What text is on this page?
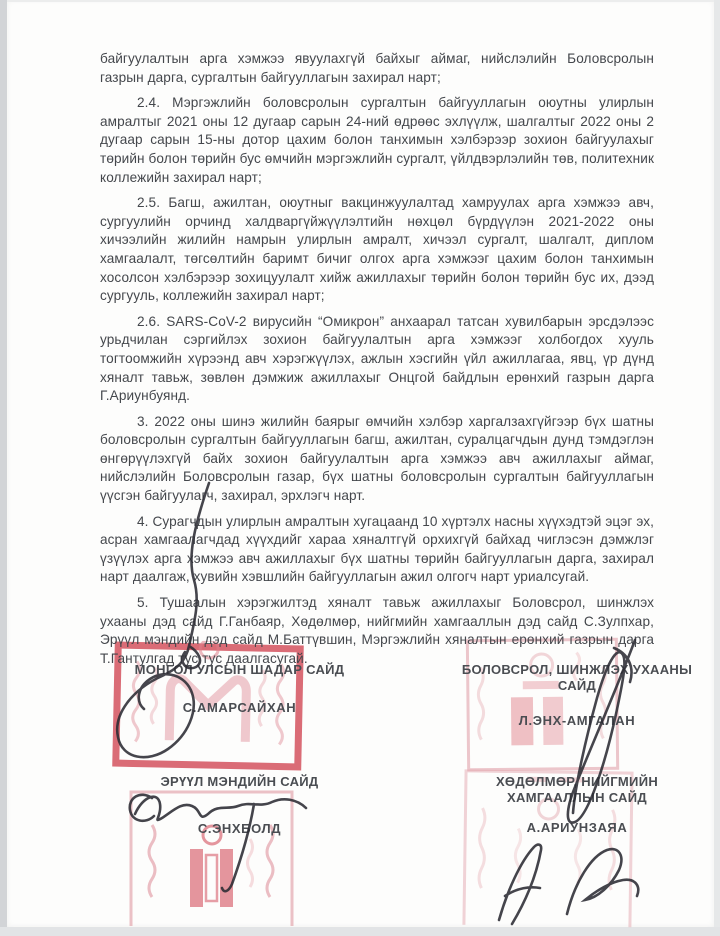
байгуулалтын арга хэмжээ явуулахгүй байхыг аймаг, нийслэлийн Боловсролын газрын дарга, сургалтын байгууллагын захирал нарт;

2.4. Мэргэжлийн боловсролын сургалтын байгууллагын оюутны улирлын амралтыг 2021 оны 12 дугаар сарын 24-ний өдрөөс эхлүүлж, шалгалтыг 2022 оны 2 дугаар сарын 15-ны дотор цахим болон танхимын хэлбэрээр зохион байгуулахыг төрийн болон төрийн бус өмчийн мэргэжлийн сургалт, үйлдвэрлэлийн төв, политехник коллежийн захирал нарт;

2.5. Багш, ажилтан, оюутныг вакцинжуулалтад хамруулах арга хэмжээ авч, сургуулийн орчинд халдваргүйжүүлэлтийн нөхцөл бүрдүүлэн 2021-2022 оны хичээлийн жилийн намрын улирлын амралт, хичээл сургалт, шалгалт, диплом хамгаалалт, төгсөлтийн баримт бичиг олгох арга хэмжээг цахим болон танхимын хосолсон хэлбэрээр зохицуулалт хийж ажиллахыг төрийн болон төрийн бус их, дээд сургууль, коллежийн захирал нарт;

2.6. SARS-CoV-2 вирусийн “Омикрон” анхаарал татсан хувилбарын эрсдэлээс урьдчилан сэргийлэх зохион байгуулалтын арга хэмжээг холбогдох хууль тогтоомжийн хүрээнд авч хэрэгжүүлэх, ажлын хэсгийн үйл ажиллагаа, явц, үр дүнд хяналт тавьж, зөвлөн дэмжиж ажиллахыг Онцгой байдлын ерөнхий газрын дарга Г.Ариунбуянд.

3. 2022 оны шинэ жилийн баярыг өмчийн хэлбэр харгалзахгүйгээр бүх шатны боловсролын сургалтын байгууллагын багш, ажилтан, суралцагчдын дунд тэмдэглэн өнгөрүүлэхгүй байх зохион байгуулалтын арга хэмжээ авч ажиллахыг аймаг, нийслэлийн Боловсролын газар, бүх шатны боловсролын сургалтын байгууллагын үүсгэн байгуулагч, захирал, эрхлэгч нарт.

4. Сурагчдын улирлын амралтын хугацаанд 10 хүртэлх насны хүүхэдтэй эцэг эх, асран хамгаалагчдад хүүхдийг хараа хяналтгүй орхихгүй байхад чиглэсэн дэмжлэг үзүүлэх арга хэмжээ авч ажиллахыг бүх шатны төрийн байгууллагын дарга, захирал нарт даалгаж, хувийн хэвшлийн байгууллагын ажил олгогч нарт уриалсугай.

5. Тушаалын хэрэгжилтэд хяналт тавьж ажиллахыг Боловсрол, шинжлэх ухааны дэд сайд Г.Ганбаяр, Хөдөлмөр, нийгмийн хамгааллын дэд сайд С.Зулпхар, Эрүүл мэндийн дэд сайд М.Баттүвшин, Мэргэжлийн хяналтын ерөнхий газрын дарга Т.Гантулгад тус тус даалгасугай.

МОНГОЛ УЛСЫН ШАДАР САЙД
С.АМАРСАЙХАН
БОЛОВСРОЛ, ШИНЖЛЭХ УХААНЫ САЙД
Л.ЭНХ-АМГАЛАН
ЭРҮҮЛ МЭНДИЙН САЙД
С.ЭНХБОЛД
ХӨДӨЛМӨР, НИЙГМИЙН ХАМГААЛЛЫН САЙД
А.АРИУНЗАЯА
